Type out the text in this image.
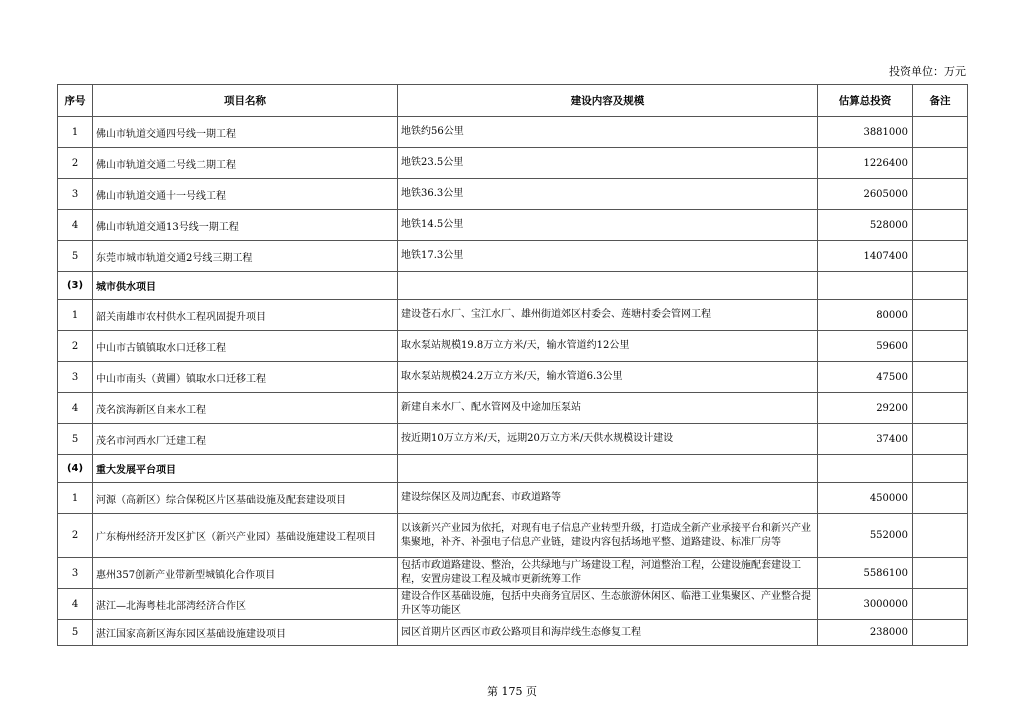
投资单位：万元
序号	项目名称	建设内容及规模	估算总投资	备注
1	佛山市轨道交通四号线一期工程	地铁约56公里	3881000	
2	佛山市轨道交通二号线二期工程	地铁23.5公里	1226400	
3	佛山市轨道交通十一号线工程	地铁36.3公里	2605000	
4	佛山市轨道交通13号线一期工程	地铁14.5公里	528000	
5	东莞市城市轨道交通2号线三期工程	地铁17.3公里	1407400	
(3)	城市供水项目			
1	韶关南雄市农村供水工程巩固提升项目	建设苍石水厂、宝江水厂、雄州街道郊区村委会、莲塘村委会管网工程	80000	
2	中山市古镇镇取水口迁移工程	取水泵站规模19.8万立方米/天，输水管道约12公里	59600	
3	中山市南头（黄圃）镇取水口迁移工程	取水泵站规模24.2万立方米/天，输水管道6.3公里	47500	
4	茂名滨海新区自来水工程	新建自来水厂、配水管网及中途加压泵站	29200	
5	茂名市河西水厂迁建工程	按近期10万立方米/天，远期20万立方米/天供水规模设计建设	37400	
(4)	重大发展平台项目			
1	河源（高新区）综合保税区片区基础设施及配套建设项目	建设综保区及周边配套、市政道路等	450000	
2	广东梅州经济开发区扩区（新兴产业园）基础设施建设工程项目	以该新兴产业园为依托，对现有电子信息产业转型升级，打造成全新产业承接平台和新兴产业集聚地，补齐、补强电子信息产业链，建设内容包括场地平整、道路建设、标准厂房等	552000	
3	惠州357创新产业带新型城镇化合作项目	包括市政道路建设、整治，公共绿地与广场建设工程，河道整治工程，公建设施配套建设工程，安置房建设工程及城市更新统筹工作	5586100	
4	湛江—北海粤桂北部湾经济合作区	建设合作区基础设施，包括中央商务宜居区、生态旅游休闲区、临港工业集聚区、产业整合提升区等功能区	3000000	
5	湛江国家高新区海东园区基础设施建设项目	园区首期片区西区市政公路项目和海岸线生态修复工程	238000	
第 175 页
